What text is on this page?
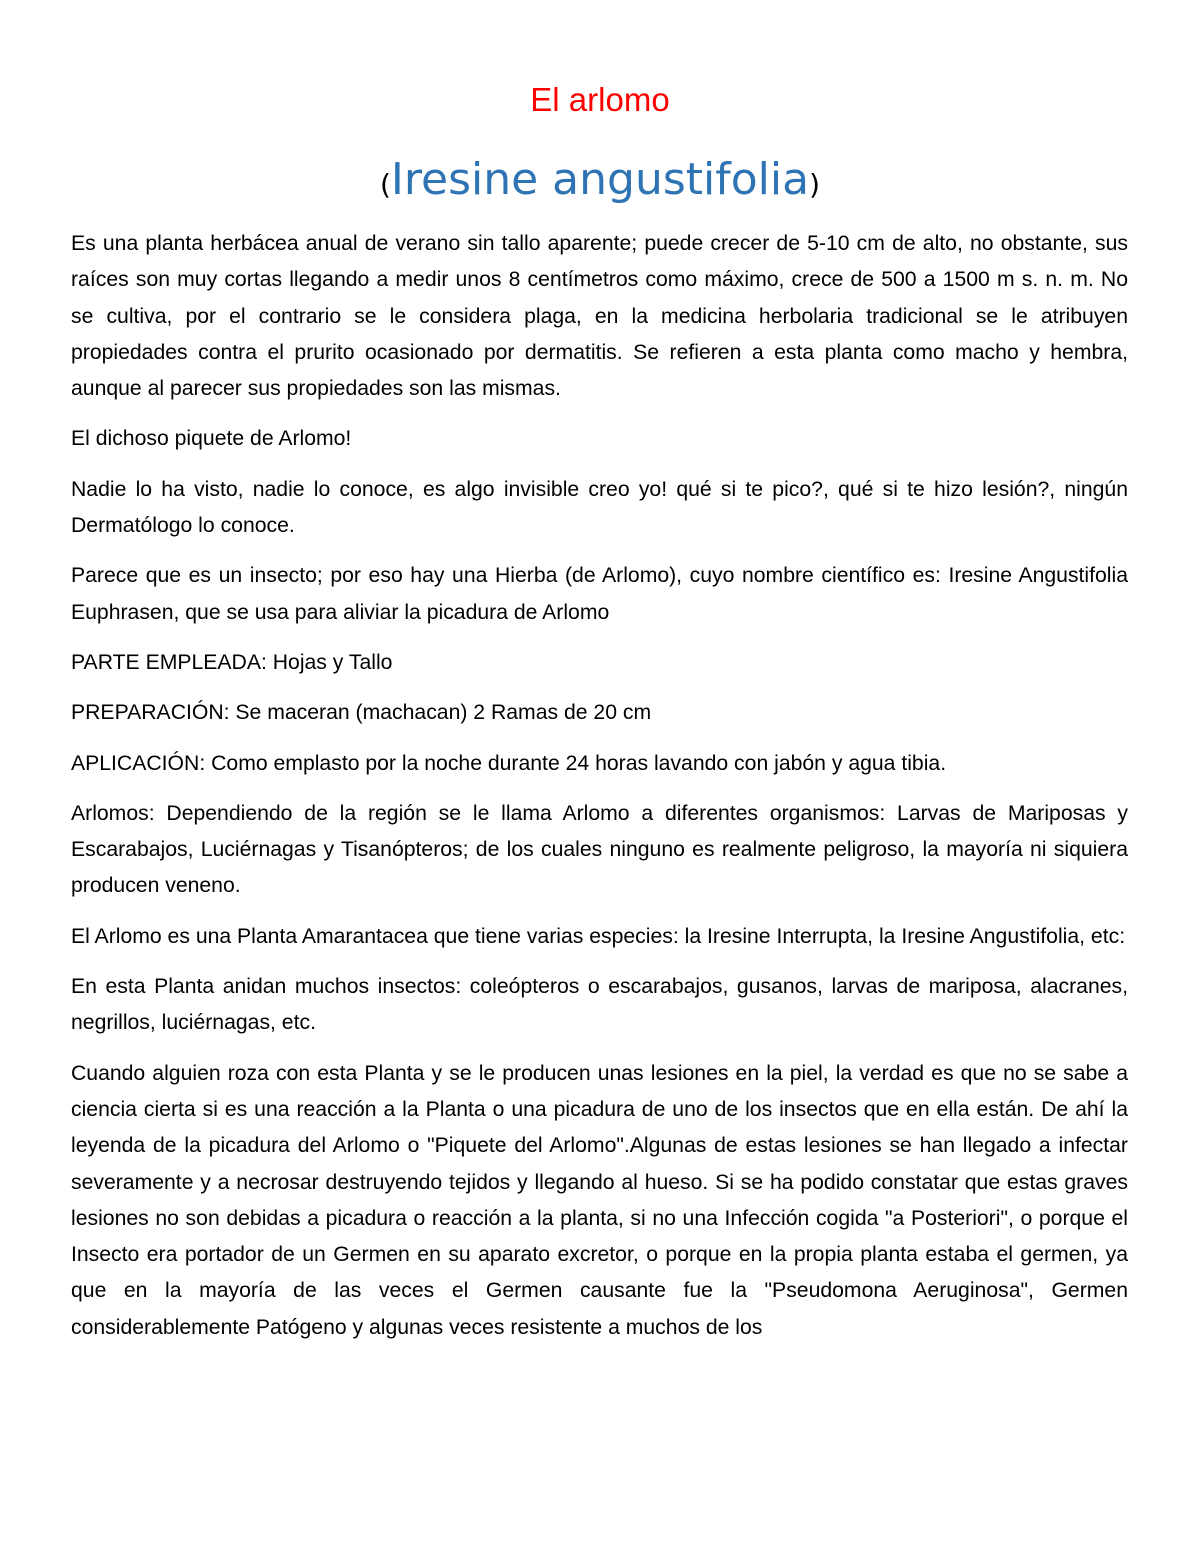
El arlomo
(Iresine angustifolia)

Es una planta herbácea anual de verano sin tallo aparente; puede crecer de 5-10 cm de alto, no obstante, sus raíces son muy cortas llegando a medir unos 8 centímetros como máximo, crece de 500 a 1500 m s. n. m. No se cultiva, por el contrario se le considera plaga, en la medicina herbolaria tradicional se le atribuyen propiedades contra el prurito ocasionado por dermatitis. Se refieren a esta planta como macho y hembra, aunque al parecer sus propiedades son las mismas.

El dichoso piquete de Arlomo!

Nadie lo ha visto, nadie lo conoce, es algo invisible creo yo! qué si te pico?, qué si te hizo lesión?, ningún Dermatólogo lo conoce.

Parece que es un insecto; por eso hay una Hierba (de Arlomo), cuyo nombre científico es: Iresine Angustifolia Euphrasen, que se usa para aliviar la picadura de Arlomo

PARTE EMPLEADA: Hojas y Tallo

PREPARACIÓN: Se maceran (machacan) 2 Ramas de 20 cm

APLICACIÓN: Como emplasto por la noche durante 24 horas lavando con jabón y agua tibia.

Arlomos: Dependiendo de la región se le llama Arlomo a diferentes organismos: Larvas de Mariposas y Escarabajos, Luciérnagas y Tisanópteros; de los cuales ninguno es realmente peligroso, la mayoría ni siquiera producen veneno.

El Arlomo es una Planta Amarantacea que tiene varias especies: la Iresine Interrupta, la Iresine Angustifolia, etc:

En esta Planta anidan muchos insectos: coleópteros o escarabajos, gusanos, larvas de mariposa, alacranes, negrillos, luciérnagas, etc.

Cuando alguien roza con esta Planta y se le producen unas lesiones en la piel, la verdad es que no se sabe a ciencia cierta si es una reacción a la Planta o una picadura de uno de los insectos que en ella están. De ahí la leyenda de la picadura del Arlomo o "Piquete del Arlomo".Algunas de estas lesiones se han llegado a infectar severamente y a necrosar destruyendo tejidos y llegando al hueso. Si se ha podido constatar que estas graves lesiones no son debidas a picadura o reacción a la planta, si no una Infección cogida "a Posteriori", o porque el Insecto era portador de un Germen en su aparato excretor, o porque en la propia planta estaba el germen, ya que en la mayoría de las veces el Germen causante fue la "Pseudomona Aeruginosa", Germen considerablemente Patógeno y algunas veces resistente a muchos de los
